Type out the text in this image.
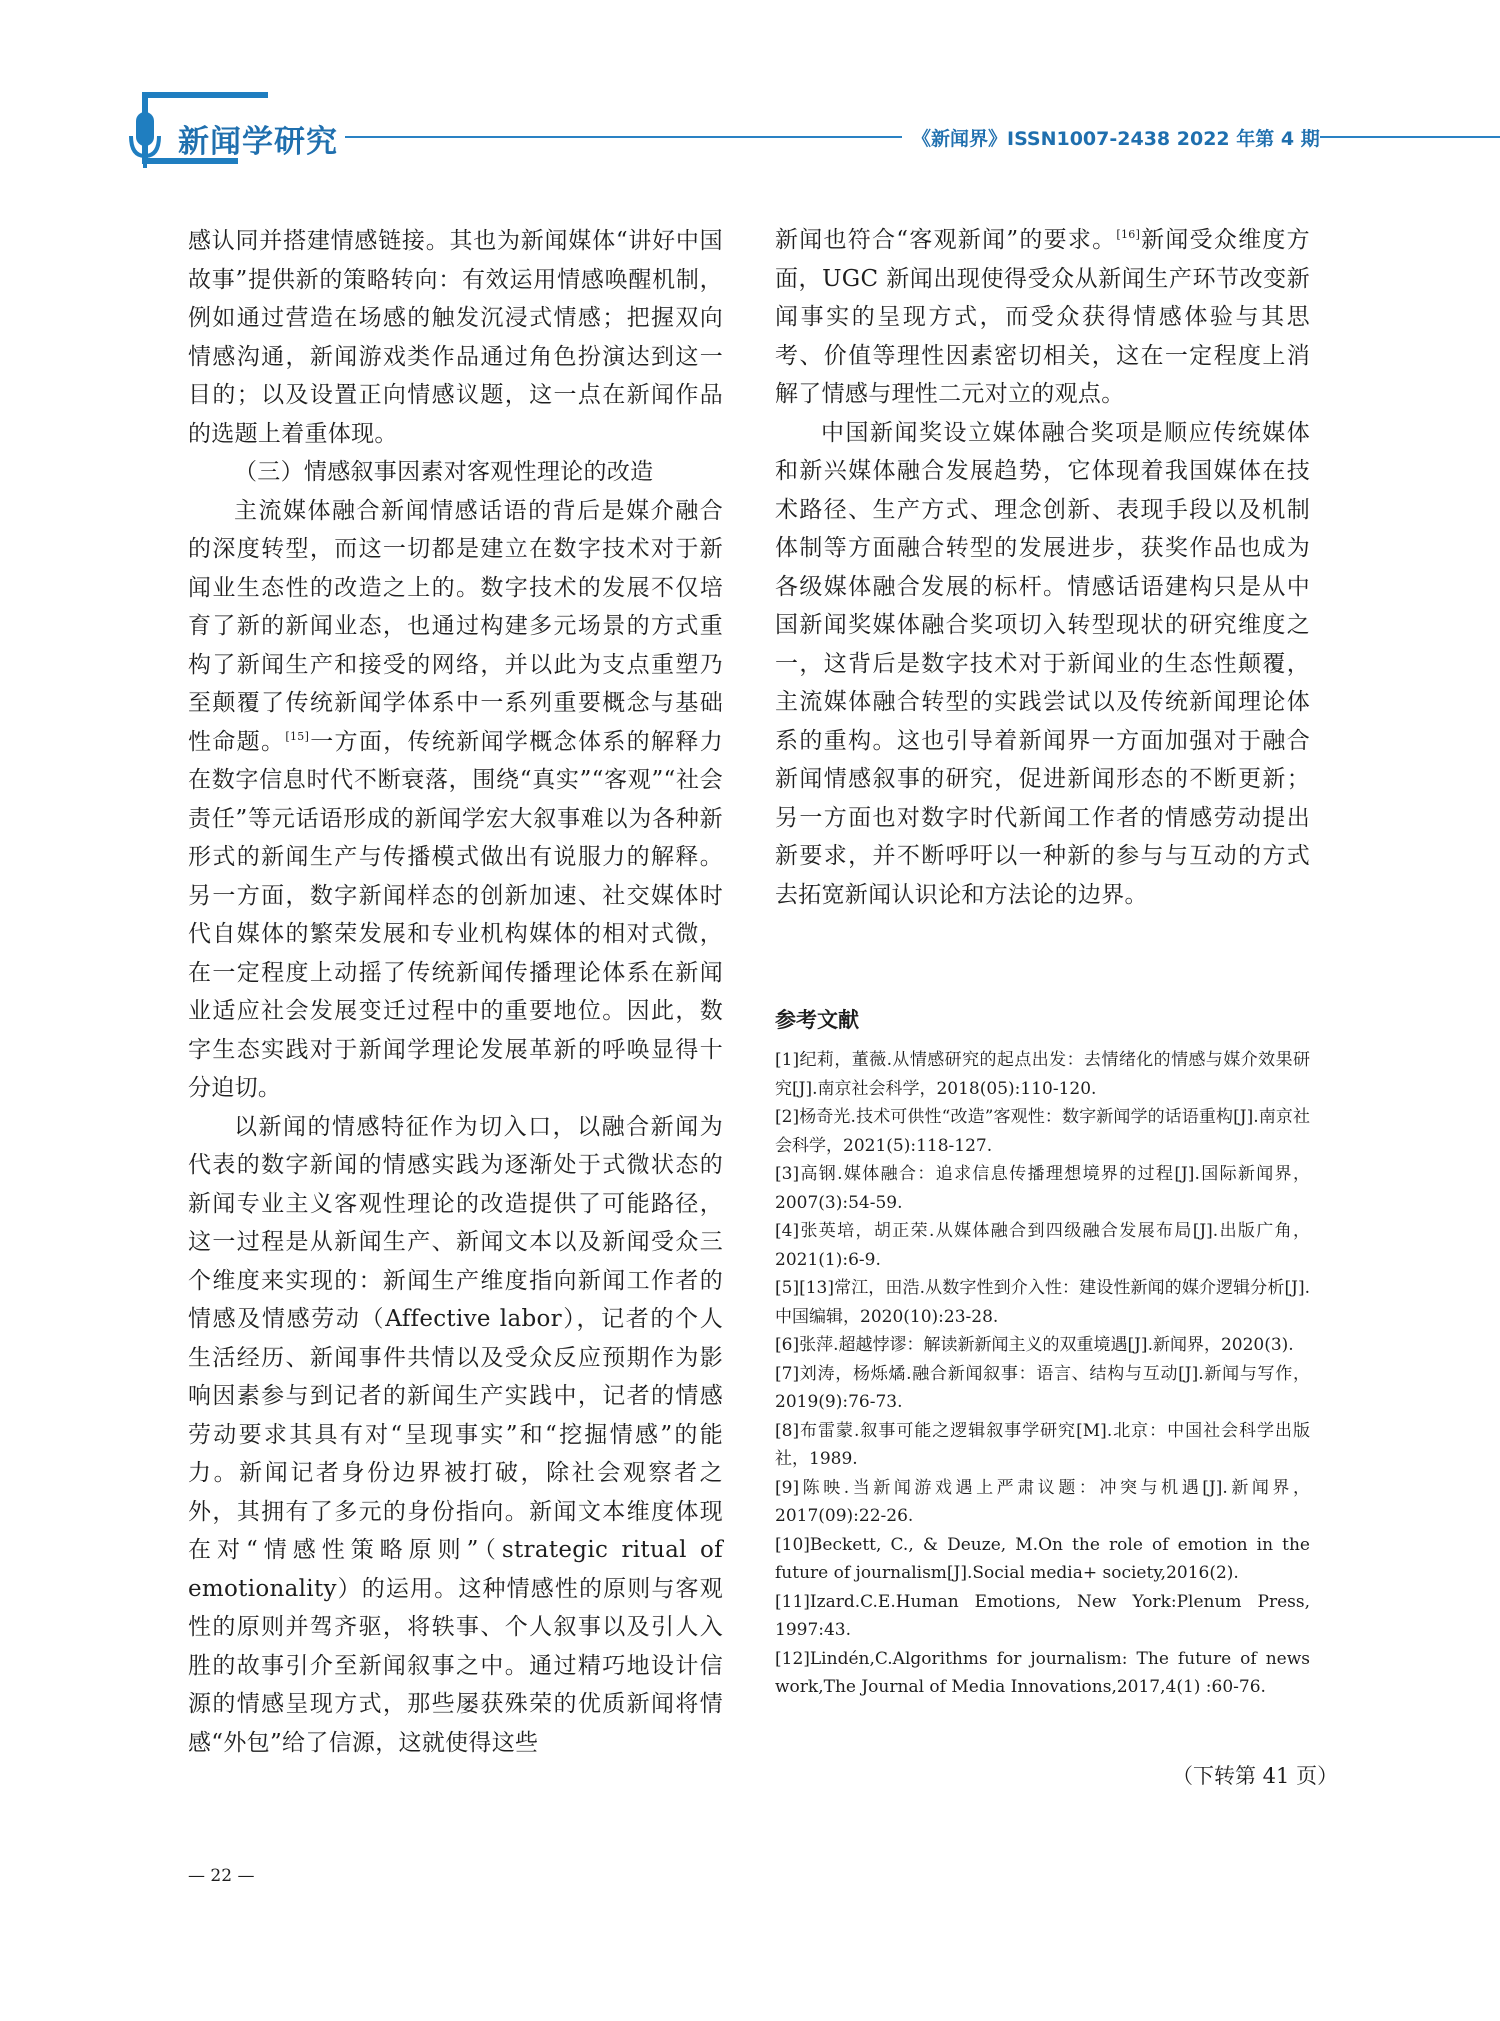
新闻学研究	《新闻界》ISSN1007-2438 2022 年第 4 期

感认同并搭建情感链接。其也为新闻媒体“讲好中国故事”提供新的策略转向：有效运用情感唤醒机制，例如通过营造在场感的触发沉浸式情感；把握双向情感沟通，新闻游戏类作品通过角色扮演达到这一目的；以及设置正向情感议题，这一点在新闻作品的选题上着重体现。

（三）情感叙事因素对客观性理论的改造

主流媒体融合新闻情感话语的背后是媒介融合的深度转型，而这一切都是建立在数字技术对于新闻业生态性的改造之上的。数字技术的发展不仅培育了新的新闻业态，也通过构建多元场景的方式重构了新闻生产和接受的网络，并以此为支点重塑乃至颠覆了传统新闻学体系中一系列重要概念与基础性命题。[15]一方面，传统新闻学概念体系的解释力在数字信息时代不断衰落，围绕“真实”“客观”“社会责任”等元话语形成的新闻学宏大叙事难以为各种新形式的新闻生产与传播模式做出有说服力的解释。另一方面，数字新闻样态的创新加速、社交媒体时代自媒体的繁荣发展和专业机构媒体的相对式微，在一定程度上动摇了传统新闻传播理论体系在新闻业适应社会发展变迁过程中的重要地位。因此，数字生态实践对于新闻学理论发展革新的呼唤显得十分迫切。

以新闻的情感特征作为切入口，以融合新闻为代表的数字新闻的情感实践为逐渐处于式微状态的新闻专业主义客观性理论的改造提供了可能路径，这一过程是从新闻生产、新闻文本以及新闻受众三个维度来实现的：新闻生产维度指向新闻工作者的情感及情感劳动（Affective labor），记者的个人生活经历、新闻事件共情以及受众反应预期作为影响因素参与到记者的新闻生产实践中，记者的情感劳动要求其具有对“呈现事实”和“挖掘情感”的能力。新闻记者身份边界被打破，除社会观察者之外，其拥有了多元的身份指向。新闻文本维度体现在对“情感性策略原则”（strategic ritual of emotionality）的运用。这种情感性的原则与客观性的原则并驾齐驱，将轶事、个人叙事以及引人入胜的故事引介至新闻叙事之中。通过精巧地设计信源的情感呈现方式，那些屡获殊荣的优质新闻将情感“外包”给了信源，这就使得这些

新闻也符合“客观新闻”的要求。[16]新闻受众维度方面，UGC 新闻出现使得受众从新闻生产环节改变新闻事实的呈现方式，而受众获得情感体验与其思考、价值等理性因素密切相关，这在一定程度上消解了情感与理性二元对立的观点。

中国新闻奖设立媒体融合奖项是顺应传统媒体和新兴媒体融合发展趋势，它体现着我国媒体在技术路径、生产方式、理念创新、表现手段以及机制体制等方面融合转型的发展进步，获奖作品也成为各级媒体融合发展的标杆。情感话语建构只是从中国新闻奖媒体融合奖项切入转型现状的研究维度之一，这背后是数字技术对于新闻业的生态性颠覆，主流媒体融合转型的实践尝试以及传统新闻理论体系的重构。这也引导着新闻界一方面加强对于融合新闻情感叙事的研究，促进新闻形态的不断更新；另一方面也对数字时代新闻工作者的情感劳动提出新要求，并不断呼吁以一种新的参与与互动的方式去拓宽新闻认识论和方法论的边界。

参考文献
[1]纪莉，董薇.从情感研究的起点出发：去情绪化的情感与媒介效果研究[J].南京社会科学，2018(05):110-120.
[2]杨奇光.技术可供性“改造”客观性：数字新闻学的话语重构[J].南京社会科学，2021(5):118-127.
[3]高钢.媒体融合：追求信息传播理想境界的过程[J].国际新闻界，2007(3):54-59.
[4]张英培，胡正荣.从媒体融合到四级融合发展布局[J].出版广角，2021(1):6-9.
[5][13]常江，田浩.从数字性到介入性：建设性新闻的媒介逻辑分析[J].中国编辑，2020(10):23-28.
[6]张萍.超越悖谬：解读新新闻主义的双重境遇[J].新闻界，2020(3).
[7]刘涛，杨烁燏.融合新闻叙事：语言、结构与互动[J].新闻与写作，2019(9):76-73.
[8]布雷蒙.叙事可能之逻辑叙事学研究[M].北京：中国社会科学出版社，1989.
[9]陈映.当新闻游戏遇上严肃议题：冲突与机遇[J].新闻界，2017(09):22-26.
[10]Beckett, C., & Deuze, M.On the role of emotion in the future of journalism[J].Social media+ society,2016(2).
[11]Izard.C.E.Human Emotions, New York:Plenum Press, 1997:43.
[12]Lindén,C.Algorithms for journalism: The future of news work,The Journal of Media Innovations,2017,4(1) :60-76.
（下转第 41 页）
— 22 —
